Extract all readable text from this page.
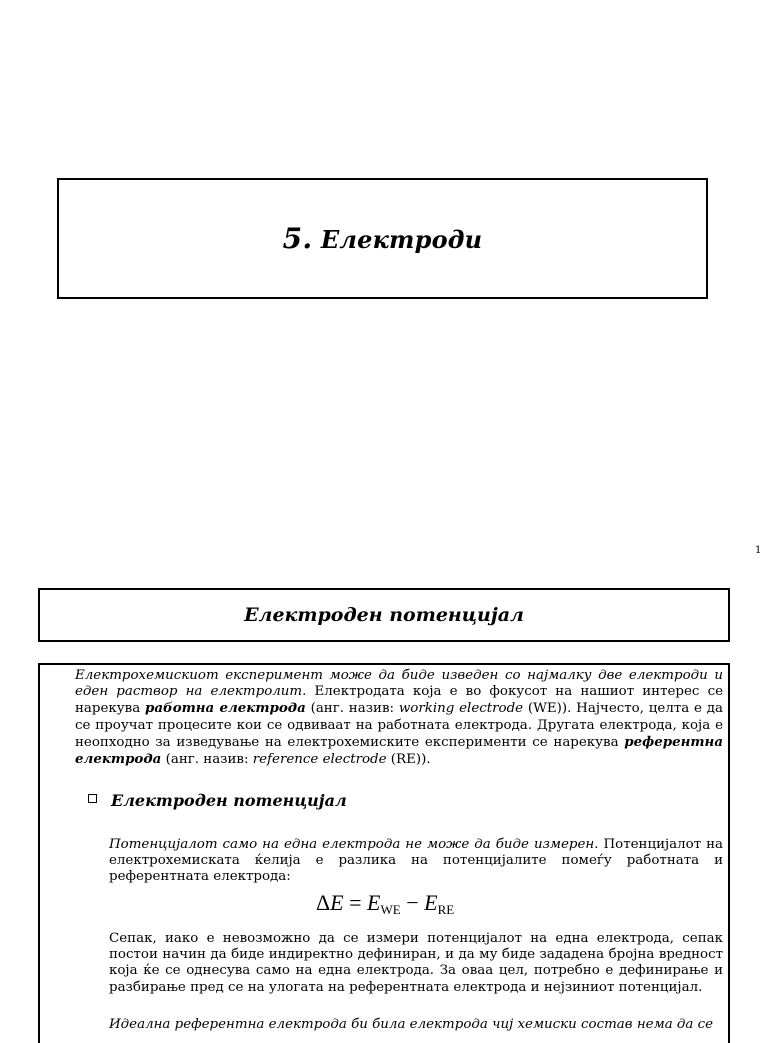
5. Електроди
1
Електроден потенцијал

Електрохемискиот експеримент може да биде изведен со најмалку две електроди и еден раствор на електролит. Електродата која е во фокусот на нашиот интерес се нарекува работна електрода (анг. назив: working electrode (WE)). Најчесто, целта е да се проучат процесите кои се одвиваат на работната електрода. Другата електрода, која е неопходно за изведување на електрохемиските експерименти се нарекува референтна електрода (анг. назив: reference electrode (RE)).

Електроден потенцијал

Потенцијалот само на една електрода не може да биде измерен. Потенцијалот на електрохемиската ќелија е разлика на потенцијалите помеѓу работната и референтната електрода:

$\Delta E = E_{WE} - E_{RE}$

Сепак, иако е невозможно да се измери потенцијалот на една електрода, сепак постои начин да биде индиректно дефиниран, и да му биде зададена бројна вредност која ќе се однесува само на една електрода. За оваа цел, потребно е дефинирање и разбирање пред се на улогата на референтната електрода и нејзиниот потенцијал.

Идеална референтна електрода би била електрода чиј хемиски состав нема да се
